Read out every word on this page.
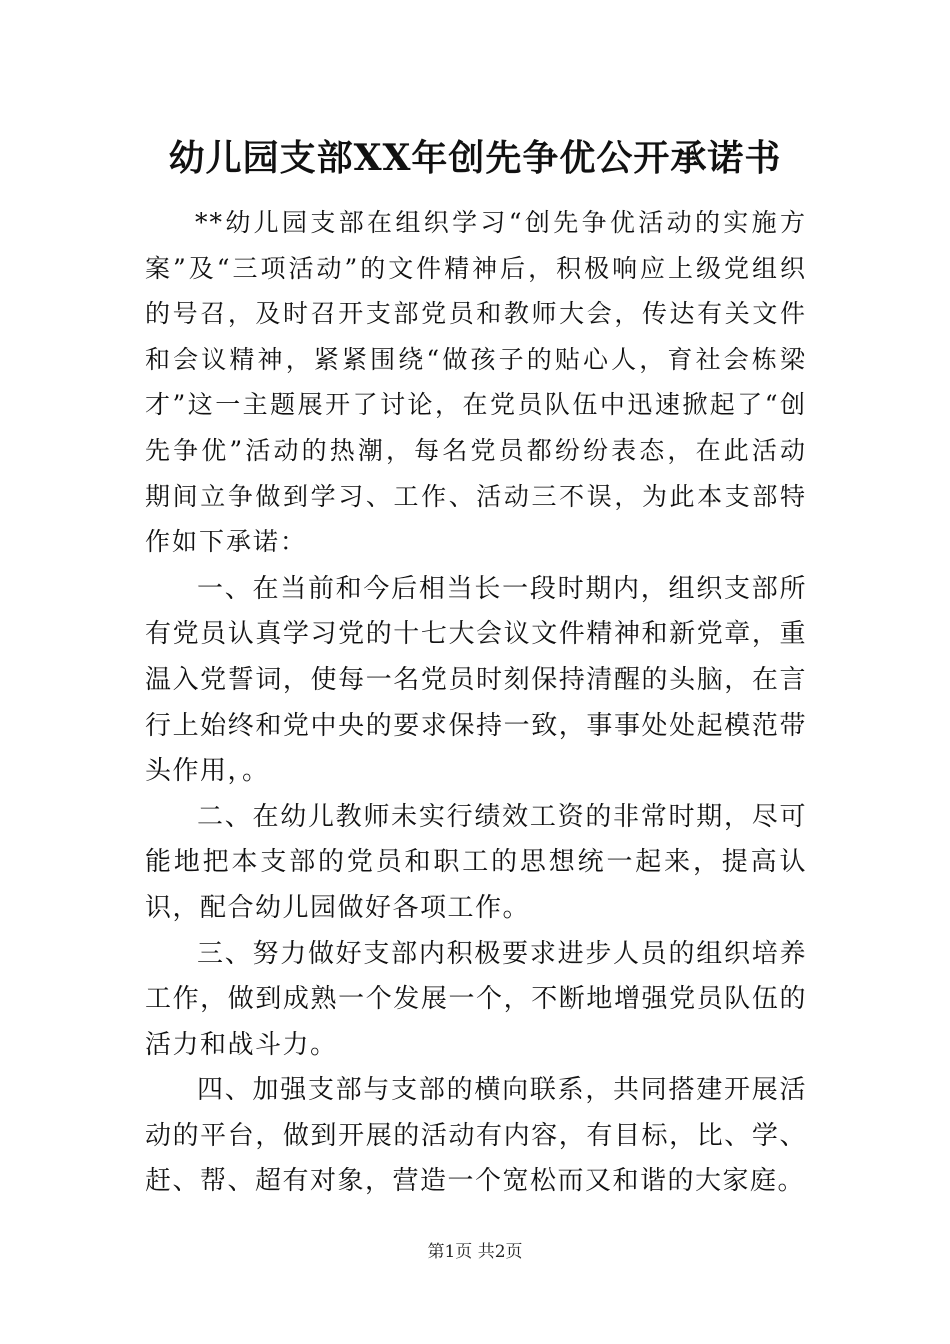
幼儿园支部XX年创先争优公开承诺书

**幼儿园支部在组织学习“创先争优活动的实施方案”及“三项活动”的文件精神后，积极响应上级党组织的号召，及时召开支部党员和教师大会，传达有关文件和会议精神，紧紧围绕“做孩子的贴心人，育社会栋梁才”这一主题展开了讨论，在党员队伍中迅速掀起了“创先争优”活动的热潮，每名党员都纷纷表态，在此活动期间立争做到学习、工作、活动三不误，为此本支部特作如下承诺：

一、在当前和今后相当长一段时期内，组织支部所有党员认真学习党的十七大会议文件精神和新党章，重温入党誓词，使每一名党员时刻保持清醒的头脑，在言行上始终和党中央的要求保持一致，事事处处起模范带头作用，。

二、在幼儿教师未实行绩效工资的非常时期，尽可能地把本支部的党员和职工的思想统一起来，提高认识，配合幼儿园做好各项工作。

三、努力做好支部内积极要求进步人员的组织培养工作，做到成熟一个发展一个，不断地增强党员队伍的活力和战斗力。

四、加强支部与支部的横向联系，共同搭建开展活动的平台，做到开展的活动有内容，有目标，比、学、赶、帮、超有对象，营造一个宽松而又和谐的大家庭。

第1页 共2页
